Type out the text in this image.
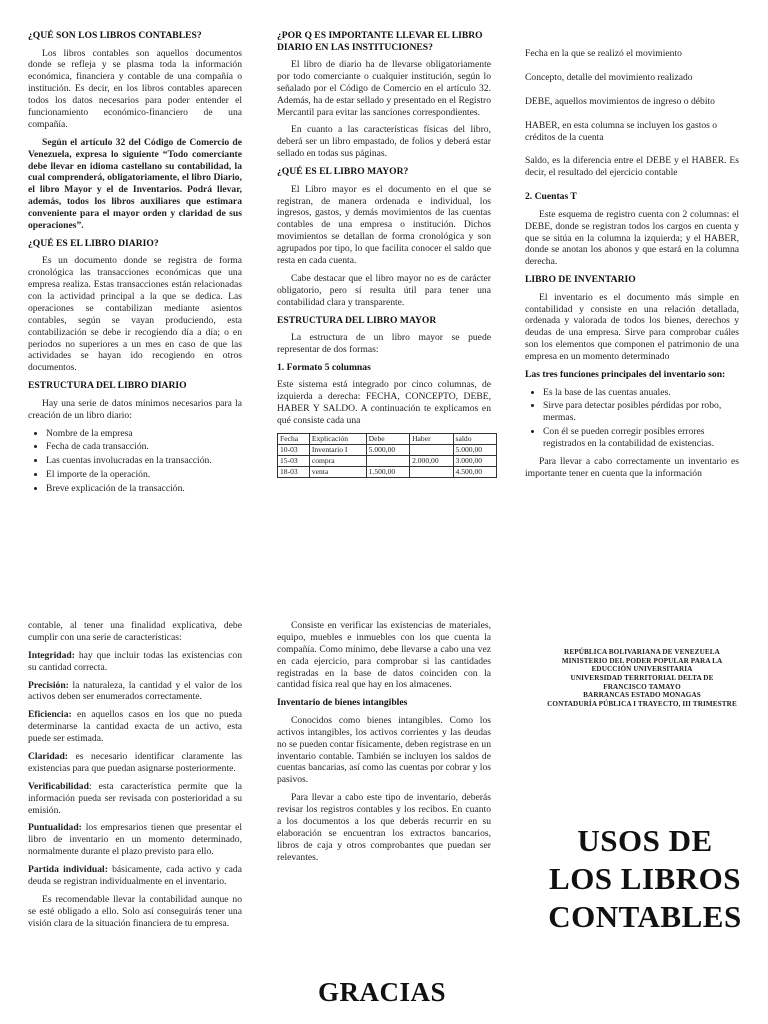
¿QUÉ SON LOS LIBROS CONTABLES?

Los libros contables son aquellos documentos donde se refleja y se plasma toda la información económica, financiera y contable de una compañía o institución. Es decir, en los libros contables aparecen todos los datos necesarios para poder entender el funcionamiento económico-financiero de una compañía.

Según el artículo 32 del Código de Comercio de Venezuela, expresa lo siguiente “Todo comerciante debe llevar en idioma castellano su contabilidad, la cual comprenderá, obligatoriamente, el libro Diario, el libro Mayor y el de Inventarios. Podrá llevar, además, todos los libros auxiliares que estimara conveniente para el mayor orden y claridad de sus operaciones”.

¿QUÉ ES EL LIBRO DIARIO?

Es un documento donde se registra de forma cronológica las transacciones económicas que una empresa realiza. Estas transacciones están relacionadas con la actividad principal a la que se dedica. Las operaciones se contabilizan mediante asientos contables, según se vayan produciendo, esta contabilización se debe ir recogiendo día a día; o en periodos no superiores a un mes en caso de que las actividades se hayan ido recogiendo en otros documentos.

ESTRUCTURA DEL LIBRO DIARIO

Hay una serie de datos mínimos necesarios para la creación de un libro diario:

• Nombre de la empresa
• Fecha de cada transacción.
• Las cuentas involucradas en la transacción.
• El importe de la operación.
• Breve explicación de la transacción.
¿POR Q ES IMPORTANTE LLEVAR EL LIBRO DIARIO EN LAS INSTITUCIONES?

El libro de diario ha de llevarse obligatoriamente por todo comerciante o cualquier institución, según lo señalado por el Código de Comercio en el artículo 32. Además, ha de estar sellado y presentado en el Registro Mercantil para evitar las sanciones correspondientes.

En cuanto a las características físicas del libro, deberá ser un libro empastado, de folios y deberá estar sellado en todas sus páginas.

¿QUÉ ES EL LIBRO MAYOR?

El Libro mayor es el documento en el que se registran, de manera ordenada e individual, los ingresos, gastos, y demás movimientos de las cuentas contables de una empresa o institución. Dichos movimientos se detallan de forma cronológica y son agrupados por tipo, lo que facilita conocer el saldo que resta en cada cuenta.

Cabe destacar que el libro mayor no es de carácter obligatorio, pero sí resulta útil para tener una contabilidad clara y transparente.

ESTRUCTURA DEL LIBRO MAYOR

La estructura de un libro mayor se puede representar de dos formas:

1. Formato 5 columnas

Este sistema está integrado por cinco columnas, de izquierda a derecha: FECHA, CONCEPTO, DEBE, HABER Y SALDO. A continuación te explicamos en qué consiste cada una

Fecha	Explicación	Debe	Haber	saldo
10-03	Inventario I	5.000,00		5.000,00
15-03	compra		2.000,00	3.000,00
18-03	venta	1.500,00		4.500,00

Fecha en la que se realizó el movimiento

Concepto, detalle del movimiento realizado

DEBE, aquellos movimientos de ingreso o débito

HABER, en esta columna se incluyen los gastos o créditos de la cuenta

Saldo, es la diferencia entre el DEBE y el HABER. Es decir, el resultado del ejercicio contable

2. Cuentas T

Este esquema de registro cuenta con 2 columnas: el DEBE, donde se registran todos los cargos en cuenta y que se sitúa en la columna la izquierda; y el HABER, donde se anotan los abonos y que estará en la columna derecha.

LIBRO DE INVENTARIO

El inventario es el documento más simple en contabilidad y consiste en una relación detallada, ordenada y valorada de todos los bienes, derechos y deudas de una empresa. Sirve para comprobar cuáles son los elementos que componen el patrimonio de una empresa en un momento determinado

Las tres funciones principales del inventario son:
• Es la base de las cuentas anuales.
• Sirve para detectar posibles pérdidas por robo, mermas.
• Con él se pueden corregir posibles errores registrados en la contabilidad de existencias.

Para llevar a cabo correctamente un inventario es importante tener en cuenta que la información

contable, al tener una finalidad explicativa, debe cumplir con una serie de características:

Integridad: hay que incluir todas las existencias con su cantidad correcta.

Precisión: la naturaleza, la cantidad y el valor de los activos deben ser enumerados correctamente.

Eficiencia: en aquellos casos en los que no pueda determinarse la cantidad exacta de un activo, esta puede ser estimada.

Claridad: es necesario identificar claramente las existencias para que puedan asignarse posteriormente.

Verificabilidad: esta característica permite que la información pueda ser revisada con posterioridad a su emisión.

Puntualidad: los empresarios tienen que presentar el libro de inventario en un momento determinado, normalmente durante el plazo previsto para ello.

Partida individual: básicamente, cada activo y cada deuda se registran individualmente en el inventario.

Es recomendable llevar la contabilidad aunque no se esté obligado a ello. Solo así conseguirás tener una visión clara de la situación financiera de tu empresa.

Consiste en verificar las existencias de materiales, equipo, muebles e inmuebles con los que cuenta la compañía. Como mínimo, debe llevarse a cabo una vez en cada ejercicio, para comprobar si las cantidades registradas en la base de datos coinciden con la cantidad física real que hay en los almacenes.

Inventario de bienes intangibles

Conocidos como bienes intangibles. Como los activos intangibles, los activos corrientes y las deudas no se pueden contar físicamente, deben registrase en un inventario contable. También se incluyen los saldos de cuentas bancarias, así como las cuentas por cobrar y los pasivos.

Para llevar a cabo este tipo de inventario, deberás revisar los registros contables y los recibos. En cuanto a los documentos a los que deberás recurrir en su elaboración se encuentran los extractos bancarios, libros de caja y otros comprobantes que puedan ser relevantes.

REPÚBLICA BOLIVARIANA DE VENEZUELA
MINISTERIO DEL PODER POPULAR PARA LA
EDUCCIÓN UNIVERSITARIA
UNIVERSIDAD TERRITORIAL DELTA DE
FRANCISCO TAMAYO
BARRANCAS ESTADO MONAGAS
CONTADURÍA PÚBLICA I TRAYECTO, III TRIMESTRE
USOS DE
LOS LIBROS
CONTABLES
GRACIAS
